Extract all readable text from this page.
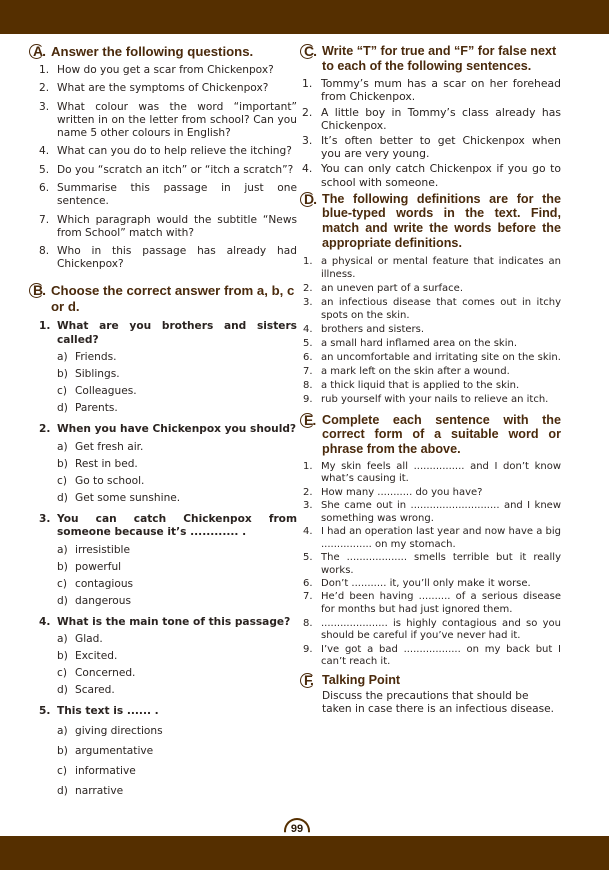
A. Answer the following questions.
1. How do you get a scar from Chickenpox?
2. What are the symptoms of Chickenpox?
3. What colour was the word “important” written in on the letter from school? Can you name 5 other colours in English?
4. What can you do to help relieve the itching?
5. Do you “scratch an itch” or “itch a scratch”?
6. Summarise this passage in just one sentence.
7. Which paragraph would the subtitle “News from School” match with?
8. Who in this passage has already had Chickenpox?
B. Choose the correct answer from a, b, c or d.
1. What are you brothers and sisters called?
a) Friends.
b) Siblings.
c) Colleagues.
d) Parents.
2. When you have Chickenpox you should?
a) Get fresh air.
b) Rest in bed.
c) Go to school.
d) Get some sunshine.
3. You can catch Chickenpox from someone because it’s ............ .
a) irresistible
b) powerful
c) contagious
d) dangerous
4. What is the main tone of this passage?
a) Glad.
b) Excited.
c) Concerned.
d) Scared.
5. This text is ...... .
a) giving directions
b) argumentative
c) informative
d) narrative
C. Write “T” for true and “F” for false next to each of the following sentences.
1. Tommy’s mum has a scar on her forehead from Chickenpox.
2. A little boy in Tommy’s class already has Chickenpox.
3. It’s often better to get Chickenpox when you are very young.
4. You can only catch Chickenpox if you go to school with someone.
D. The following definitions are for the blue-typed words in the text. Find, match and write the words before the appropriate definitions.
1. a physical or mental feature that indicates an illness.
2. an uneven part of a surface.
3. an infectious disease that comes out in itchy spots on the skin.
4. brothers and sisters.
5. a small hard inflamed area on the skin.
6. an uncomfortable and irritating site on the skin.
7. a mark left on the skin after a wound.
8. a thick liquid that is applied to the skin.
9. rub yourself with your nails to relieve an itch.
E. Complete each sentence with the correct form of a suitable word or phrase from the above.
1. My skin feels all ................ and I don’t know what’s causing it.
2. How many ........... do you have?
3. She came out in ............................ and I knew something was wrong.
4. I had an operation last year and now have a big ................ on my stomach.
5. The ................... smells terrible but it really works.
6. Don’t ........... it, you’ll only make it worse.
7. He’d been having .......... of a serious disease for months but had just ignored them.
8. ..................... is highly contagious and so you should be careful if you’ve never had it.
9. I’ve got a bad .................. on my back but I can’t reach it.
F. Talking Point

Discuss the precautions that should be taken in case there is an infectious disease.

99
